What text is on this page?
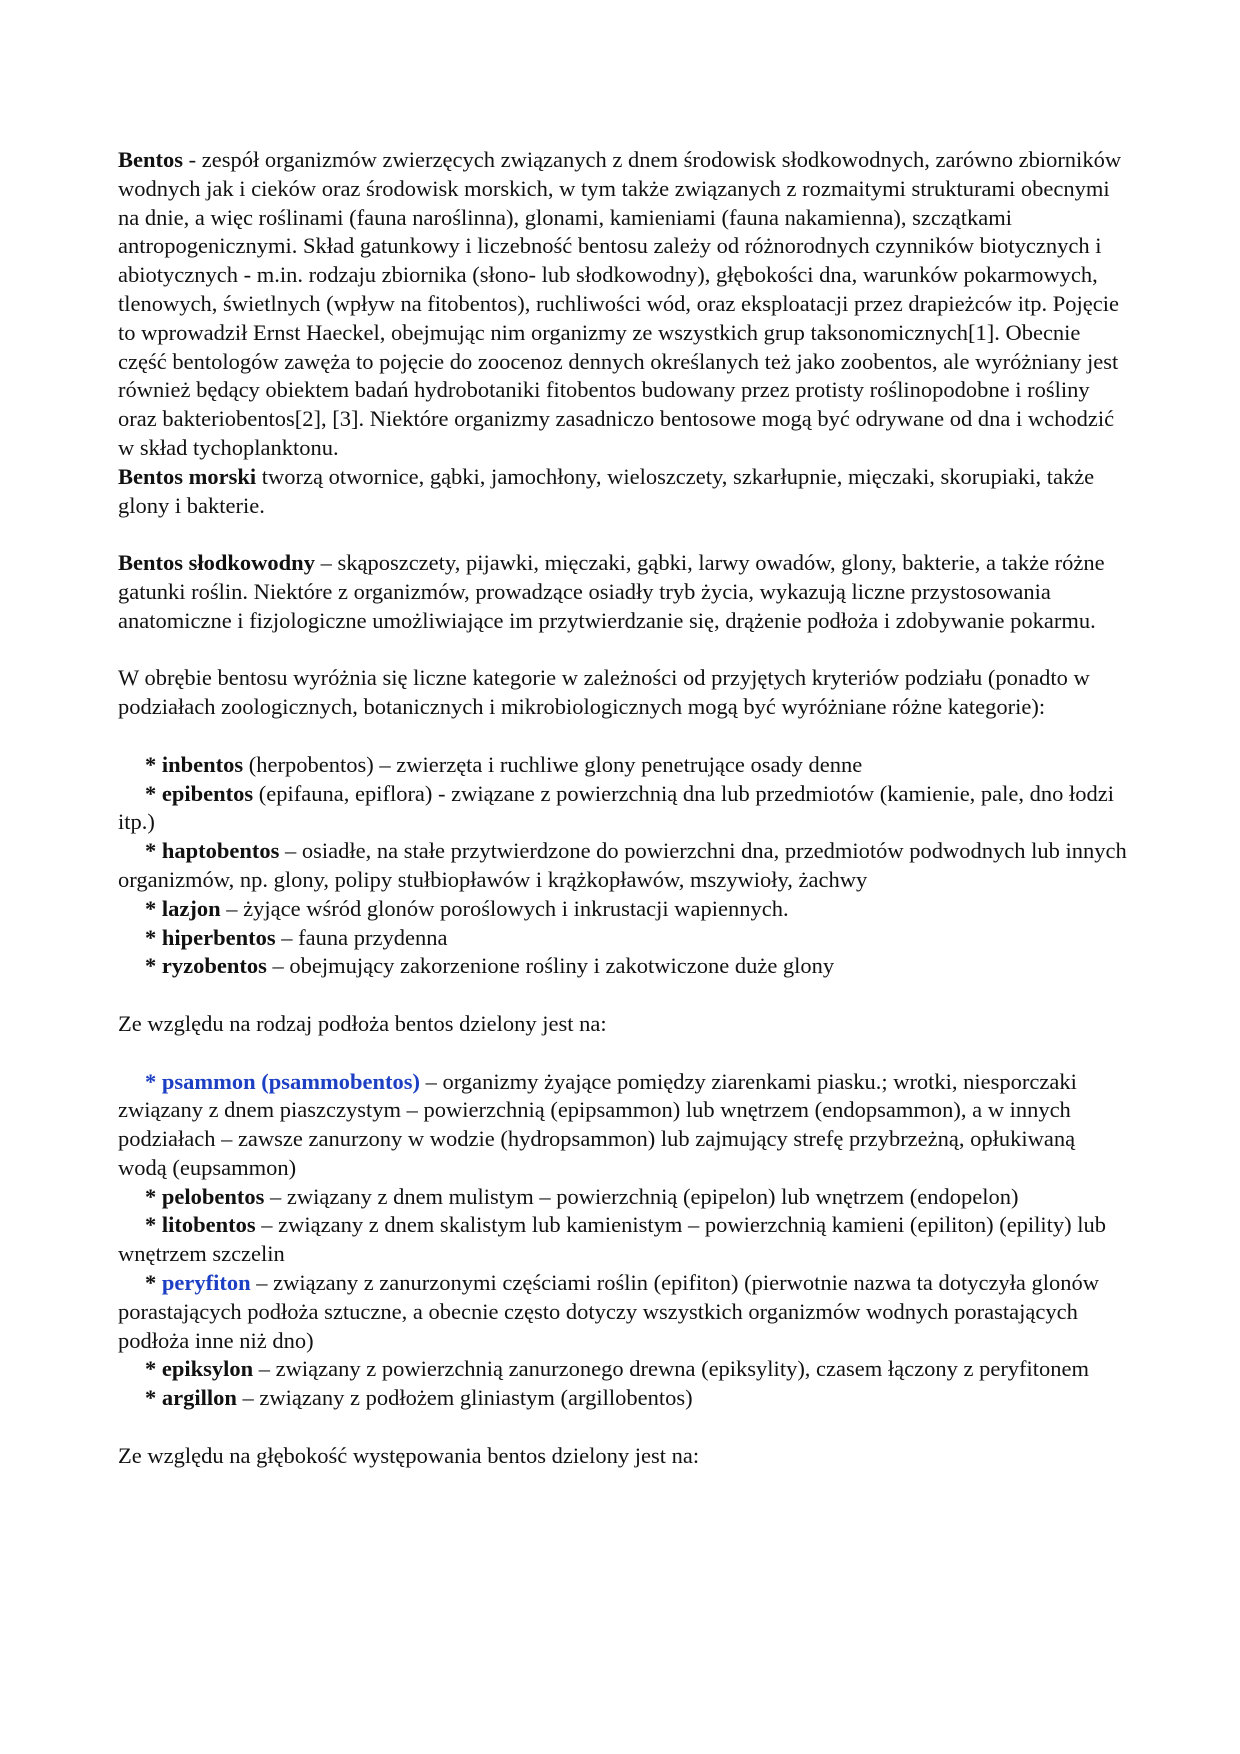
Bentos - zespół organizmów zwierzęcych związanych z dnem środowisk słodkowodnych, zarówno zbiorników wodnych jak i cieków oraz środowisk morskich, w tym także związanych z rozmaitymi strukturami obecnymi na dnie, a więc roślinami (fauna naroślinna), glonami, kamieniami (fauna nakamienna), szczątkami antropogenicznymi. Skład gatunkowy i liczebność bentosu zależy od różnorodnych czynników biotycznych i abiotycznych - m.in. rodzaju zbiornika (słono- lub słodkowodny), głębokości dna, warunków pokarmowych, tlenowych, świetlnych (wpływ na fitobentos), ruchliwości wód, oraz eksploatacji przez drapieżców itp. Pojęcie to wprowadził Ernst Haeckel, obejmując nim organizmy ze wszystkich grup taksonomicznych[1]. Obecnie część bentologów zawęża to pojęcie do zoocenoz dennych określanych też jako zoobentos, ale wyróżniany jest również będący obiektem badań hydrobotaniki fitobentos budowany przez protisty roślinopodobne i rośliny oraz bakteriobentos[2], [3]. Niektóre organizmy zasadniczo bentosowe mogą być odrywane od dna i wchodzić w skład tychoplanktonu.

Bentos morski tworzą otwornice, gąbki, jamochłony, wieloszczety, szkarłupnie, mięczaki, skorupiaki, także glony i bakterie.

Bentos słodkowodny – skąposzczety, pijawki, mięczaki, gąbki, larwy owadów, glony, bakterie, a także różne gatunki roślin. Niektóre z organizmów, prowadzące osiadły tryb życia, wykazują liczne przystosowania anatomiczne i fizjologiczne umożliwiające im przytwierdzanie się, drążenie podłoża i zdobywanie pokarmu.

W obrębie bentosu wyróżnia się liczne kategorie w zależności od przyjętych kryteriów podziału (ponadto w podziałach zoologicznych, botanicznych i mikrobiologicznych mogą być wyróżniane różne kategorie):

* inbentos (herpobentos) – zwierzęta i ruchliwe glony penetrujące osady denne

* epibentos (epifauna, epiflora) - związane z powierzchnią dna lub przedmiotów (kamienie, pale, dno łodzi itp.)

* haptobentos – osiadłe, na stałe przytwierdzone do powierzchni dna, przedmiotów podwodnych lub innych organizmów, np. glony, polipy stułbiopławów i krążkopławów, mszywioły, żachwy

* lazjon – żyjące wśród glonów poroślowych i inkrustacji wapiennych.

* hiperbentos – fauna przydenna

* ryzobentos – obejmujący zakorzenione rośliny i zakotwiczone duże glony

Ze względu na rodzaj podłoża bentos dzielony jest na:

* psammon (psammobentos) – organizmy żyające pomiędzy ziarenkami piasku.; wrotki, niesporczaki związany z dnem piaszczystym – powierzchnią (epipsammon) lub wnętrzem (endopsammon), a w innych podziałach – zawsze zanurzony w wodzie (hydropsammon) lub zajmujący strefę przybrzeżną, opłukiwaną wodą (eupsammon)

* pelobentos – związany z dnem mulistym – powierzchnią (epipelon) lub wnętrzem (endopelon)

* litobentos – związany z dnem skalistym lub kamienistym – powierzchnią kamieni (epiliton) (epility) lub wnętrzem szczelin

* peryfiton – związany z zanurzonymi częściami roślin (epifiton) (pierwotnie nazwa ta dotyczyła glonów porastających podłoża sztuczne, a obecnie często dotyczy wszystkich organizmów wodnych porastających podłoża inne niż dno)

* epiksylon – związany z powierzchnią zanurzonego drewna (epiksylity), czasem łączony z peryfitonem

* argillon – związany z podłożem gliniastym (argillobentos)

Ze względu na głębokość występowania bentos dzielony jest na:
